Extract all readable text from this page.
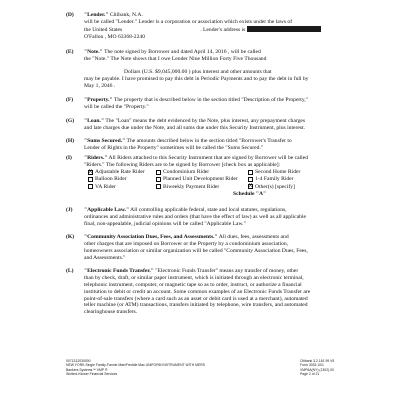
(D) "Lender." Citibank, N.A.
will be called "Lender." Lender is a corporation or association which exists under the laws of
the United States	. Lender's address is
O'Fallon , MO 63368-2240
(E) "Note." The note signed by Borrower and dated April 14, 2016 , will be called
the "Note." The Note shows that I owe Lender Nine Million Forty Five Thousand
Dollars (U.S. $9,045,000.00 ) plus interest and other amounts that
may be payable. I have promised to pay this debt in Periodic Payments and to pay the debt in full by
May 1, 2046 .
(F) "Property." The property that is described below in the section titled "Description of the Property,"
will be called the "Property."
(G) "Loan." The "Loan" means the debt evidenced by the Note, plus interest, any prepayment charges
and late charges due under the Note, and all sums due under this Security Instrument, plus interest.
(H) "Sums Secured." The amounts described below in the section titled "Borrower's Transfer to
Lender of Rights in the Property" sometimes will be called the "Sums Secured."
(I) "Riders." All Riders attached to this Security Instrument that are signed by Borrower will be called
"Riders." The following Riders are to be signed by Borrower [check box as applicable]:
X Adjustable Rate Rider	Condominium Rider	Second Home Rider
Balloon Rider	Planned Unit Development Rider	1-4 Family Rider
VA Rider	Biweekly Payment Rider	X Other(s) [specify]
Schedule "A"
(J) "Applicable Law." All controlling applicable federal, state and local statutes, regulations,
ordinances and administrative rules and orders (that have the effect of law) as well as all applicable
final, non-appealable, judicial opinions will be called "Applicable Law."
(K) "Community Association Dues, Fees, and Assessments." All dues, fees, assessments and
other charges that are imposed on Borrower or the Property by a condominium association,
homeowners association or similar organization will be called "Community Association Dues, Fees,
and Assessments."
(L) "Electronic Funds Transfer." "Electronic Funds Transfer" means any transfer of money, other
than by check, draft, or similar paper instrument, which is initiated through an electronic terminal,
telephonic instrument, computer, or magnetic tape so as to order, instruct, or authorize a financial
institution to debit or credit an account. Some common examples of an Electronic Funds Transfer are
point-of-sale transfers (where a card such as an asset or debit card is used at a merchant), automated
teller machine (or ATM) transactions, transfers initiated by telephone, wire transfers, and automated
clearinghouse transfers.
0071312030000
NEW YORK-Single Family-Fannie Mae/Freddie Mac UNIFORM INSTRUMENT WITH MERS
Bankers Systems™ VMP ®
Wolters Kluwer Financial Services
Citibank 3.2.161.99 V5
Form 3033 1/01
VMP6A(NY) (1302).00
Page 2 of 21
